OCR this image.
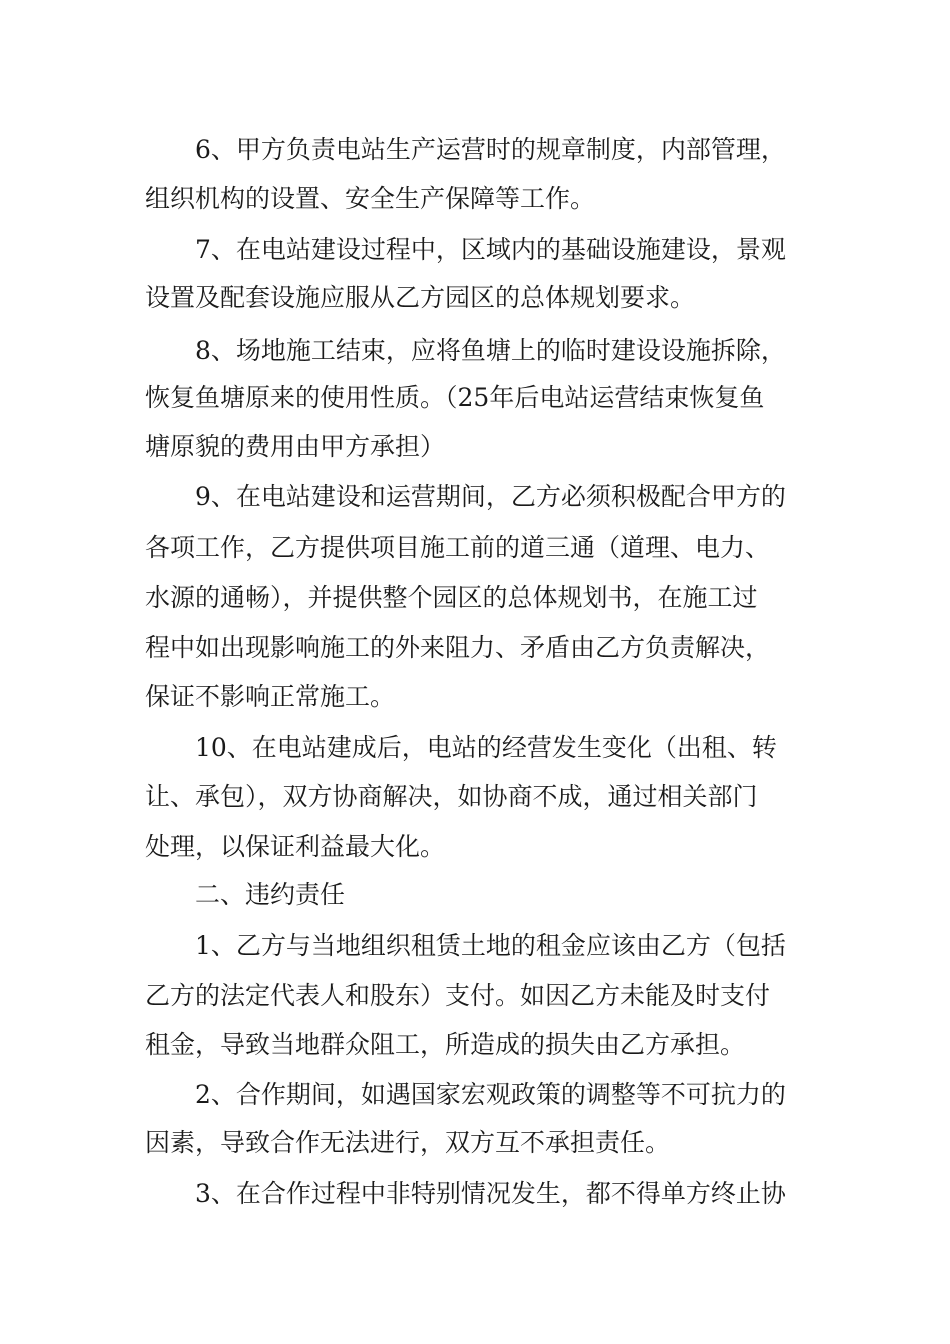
6、甲方负责电站生产运营时的规章制度，内部管理，
组织机构的设置、安全生产保障等工作。
7、在电站建设过程中，区域内的基础设施建设，景观
设置及配套设施应服从乙方园区的总体规划要求。
8、场地施工结束，应将鱼塘上的临时建设设施拆除，
恢复鱼塘原来的使用性质。（25年后电站运营结束恢复鱼
塘原貌的费用由甲方承担）
9、在电站建设和运营期间，乙方必须积极配合甲方的
各项工作，乙方提供项目施工前的道三通（道理、电力、
水源的通畅），并提供整个园区的总体规划书，在施工过
程中如出现影响施工的外来阻力、矛盾由乙方负责解决，
保证不影响正常施工。
10、在电站建成后，电站的经营发生变化（出租、转
让、承包），双方协商解决，如协商不成，通过相关部门
处理，以保证利益最大化。
二、违约责任
1、乙方与当地组织租赁土地的租金应该由乙方（包括
乙方的法定代表人和股东）支付。如因乙方未能及时支付
租金，导致当地群众阻工，所造成的损失由乙方承担。
2、合作期间，如遇国家宏观政策的调整等不可抗力的
因素，导致合作无法进行，双方互不承担责任。
3、在合作过程中非特别情况发生，都不得单方终止协
